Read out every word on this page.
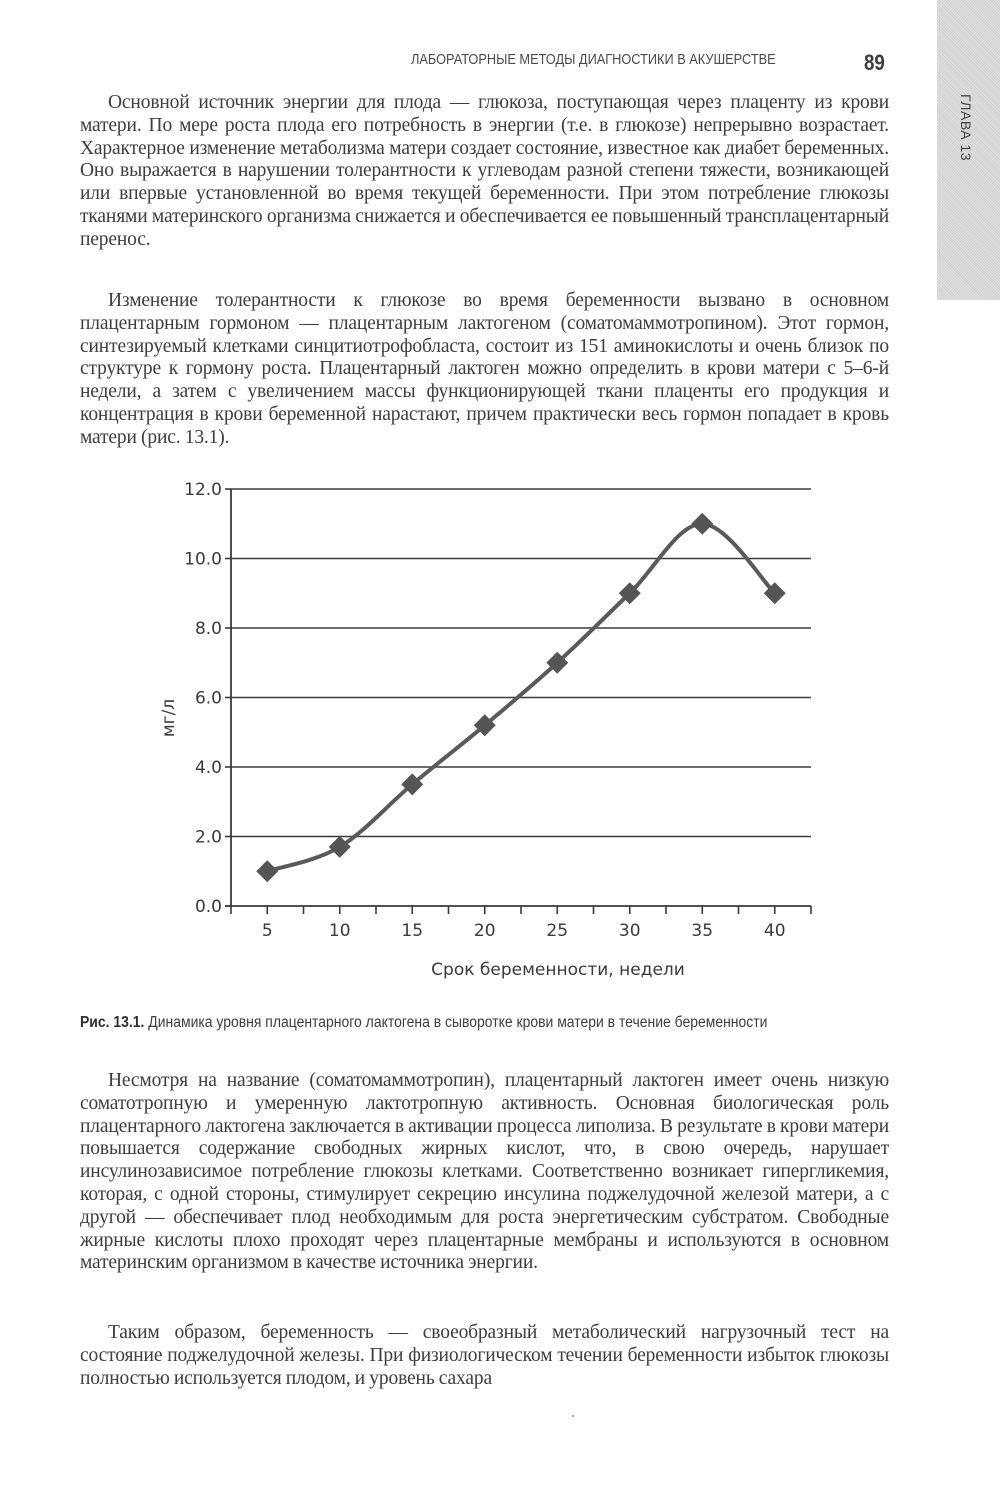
ГЛАВА 13
ЛАБОРАТОРНЫЕ МЕТОДЫ ДИАГНОСТИКИ В АКУШЕРСТВЕ	89

Основной источник энергии для плода — глюкоза, поступающая через плаценту из крови матери. По мере роста плода его потребность в энергии (т.е. в глюкозе) непрерывно возрастает. Характерное изменение метаболизма матери создает состояние, известное как диабет беременных. Оно выражается в нарушении толерантности к углеводам разной степени тяжести, возникающей или впервые установленной во время текущей беременности. При этом потребление глюкозы тканями материнского организма снижается и обеспечивается ее повышенный трансплацентарный перенос.

Изменение толерантности к глюкозе во время беременности вызвано в основном плацентарным гормоном — плацентарным лактогеном (соматомаммотропином). Этот гормон, синтезируемый клетками синцитиотрофобласта, состоит из 151 аминокислоты и очень близок по структуре к гормону роста. Плацентарный лактоген можно определить в крови матери с 5–6-й недели, а затем с увеличением массы функционирующей ткани плаценты его продукция и концентрация в крови беременной нарастают, причем практически весь гормон попадает в кровь матери (рис. 13.1).

0.0
2.0
4.0
6.0
8.0
10.0
12.0
5	10	15	20	25	30	35	40
Срок беременности, недели
мг/л
Рис. 13.1. Динамика уровня плацентарного лактогена в сыворотке крови матери в течение беременности

Несмотря на название (соматомаммотропин), плацентарный лактоген имеет очень низкую соматотропную и умеренную лактотропную активность. Основная биологическая роль плацентарного лактогена заключается в активации процесса липолиза. В результате в крови матери повышается содержание свободных жирных кислот, что, в свою очередь, нарушает инсулинозависимое потребление глюкозы клетками. Соответственно возникает гипергликемия, которая, с одной стороны, стимулирует секрецию инсулина поджелудочной железой матери, а с другой — обеспечивает плод необходимым для роста энергетическим субстратом. Свободные жирные кислоты плохо проходят через плацентарные мембраны и используются в основном материнским организмом в качестве источника энергии.

Таким образом, беременность — своеобразный метаболический нагрузочный тест на состояние поджелудочной железы. При физиологическом течении беременности избыток глюкозы полностью используется плодом, и уровень сахара
